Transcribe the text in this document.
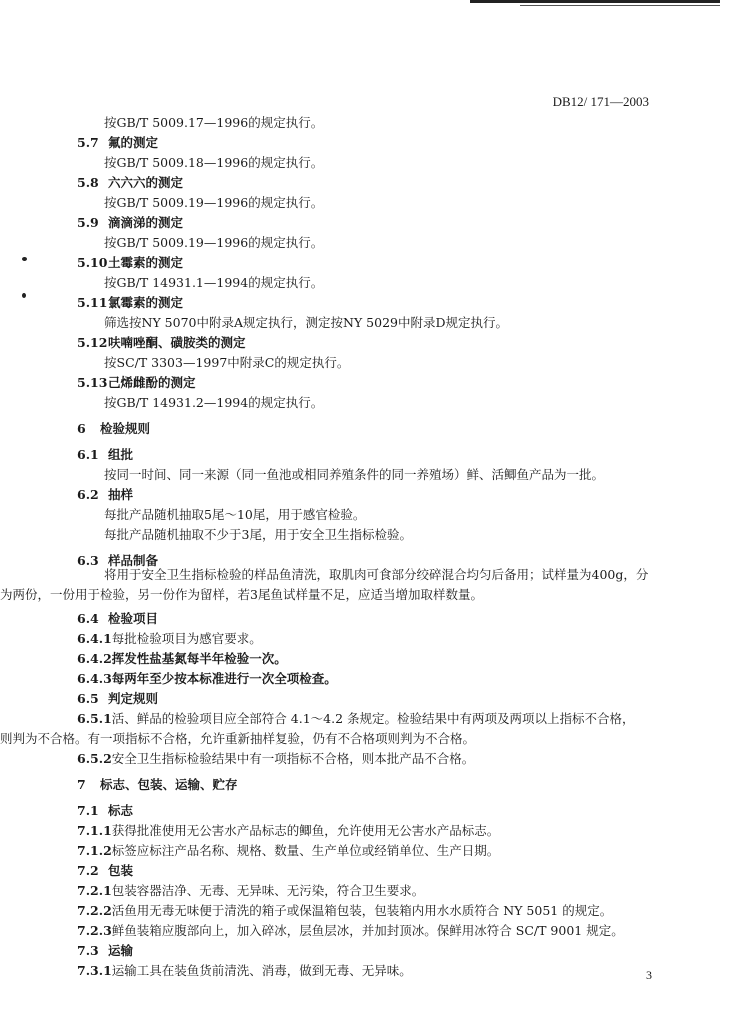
DB12/ 171—2003
按GB/T 5009.17—1996的规定执行。
5.7 氟的测定
按GB/T 5009.18—1996的规定执行。
5.8 六六六的测定
按GB/T 5009.19—1996的规定执行。
5.9 滴滴涕的测定
按GB/T 5009.19—1996的规定执行。
5.10土霉素的测定
按GB/T 14931.1—1994的规定执行。
5.11氯霉素的测定
筛选按NY 5070中附录A规定执行，测定按NY 5029中附录D规定执行。
5.12呋喃唑酮、磺胺类的测定
按SC/T 3303—1997中附录C的规定执行。
5.13己烯雌酚的测定
按GB/T 14931.2—1994的规定执行。
6 检验规则
6.1 组批
按同一时间、同一来源（同一鱼池或相同养殖条件的同一养殖场）鲜、活鲫鱼产品为一批。
6.2 抽样
每批产品随机抽取5尾～10尾，用于感官检验。
每批产品随机抽取不少于3尾，用于安全卫生指标检验。
6.3 样品制备
将用于安全卫生指标检验的样品鱼清洗，取肌肉可食部分绞碎混合均匀后备用；试样量为400g，分
为两份，一份用于检验，另一份作为留样，若3尾鱼试样量不足，应适当增加取样数量。
6.4 检验项目
6.4.1每批检验项目为感官要求。
6.4.2挥发性盐基氮每半年检验一次。
6.4.3每两年至少按本标准进行一次全项检查。
6.5 判定规则
6.5.1活、鲜品的检验项目应全部符合 4.1～4.2 条规定。检验结果中有两项及两项以上指标不合格，
则判为不合格。有一项指标不合格，允许重新抽样复验，仍有不合格项则判为不合格。
6.5.2安全卫生指标检验结果中有一项指标不合格，则本批产品不合格。
7 标志、包装、运输、贮存
7.1 标志
7.1.1获得批准使用无公害水产品标志的鲫鱼，允许使用无公害水产品标志。
7.1.2标签应标注产品名称、规格、数量、生产单位或经销单位、生产日期。
7.2 包装
7.2.1包装容器洁净、无毒、无异味、无污染，符合卫生要求。
7.2.2活鱼用无毒无味便于清洗的箱子或保温箱包装，包装箱内用水水质符合 NY 5051 的规定。
7.2.3鲜鱼装箱应腹部向上，加入碎冰，层鱼层冰，并加封顶冰。保鲜用冰符合 SC/T 9001 规定。
7.3 运输
7.3.1运输工具在装鱼货前清洗、消毒，做到无毒、无异味。	3
